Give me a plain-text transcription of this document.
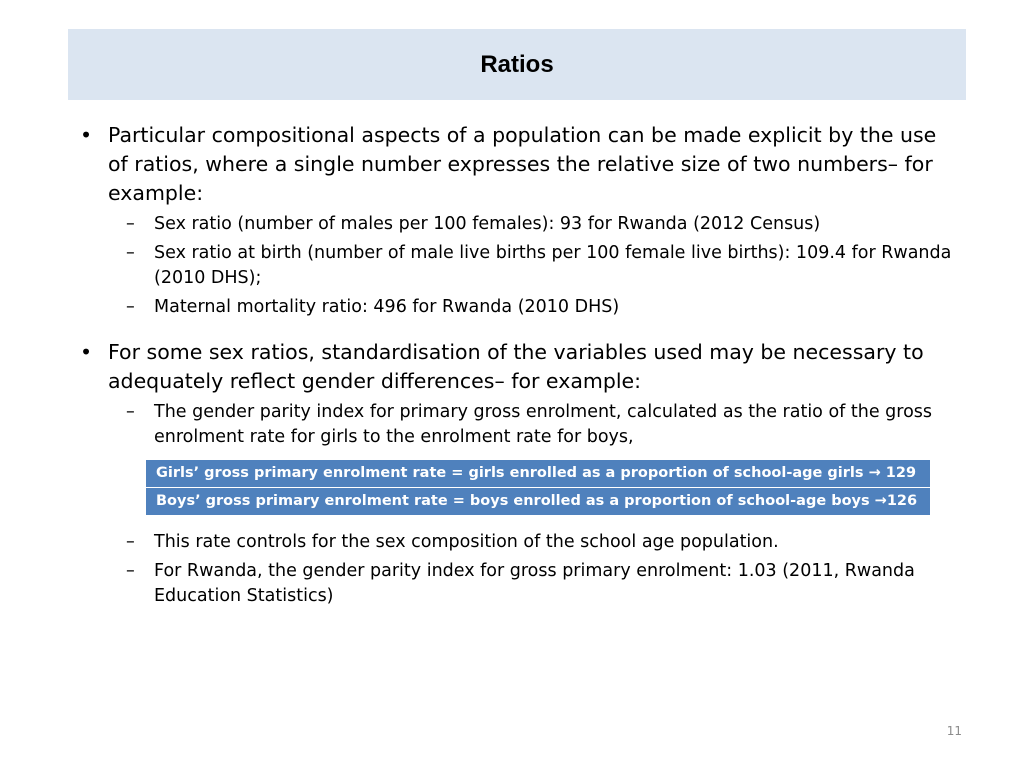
Ratios
• Particular compositional aspects of a population can be made explicit by the use of ratios, where a single number expresses the relative size of two numbers– for example:
–	Sex ratio (number of males per 100 females): 93 for Rwanda (2012 Census)
–	Sex ratio at birth (number of male live births per 100 female live births): 109.4 for Rwanda (2010 DHS);
–	Maternal mortality ratio: 496 for Rwanda (2010 DHS)
• For some sex ratios, standardisation of the variables used may be necessary to adequately reflect gender differences– for example:
–	The gender parity index for primary gross enrolment, calculated as the ratio of the gross enrolment rate for girls to the enrolment rate for boys,
Girls’ gross primary enrolment rate = girls enrolled as a proportion of school-age girls → 129
Boys’ gross primary enrolment rate = boys enrolled as a proportion of school-age boys →126
–	This rate controls for the sex composition of the school age population.
–	For Rwanda, the gender parity index for gross primary enrolment: 1.03 (2011, Rwanda Education Statistics)
11
